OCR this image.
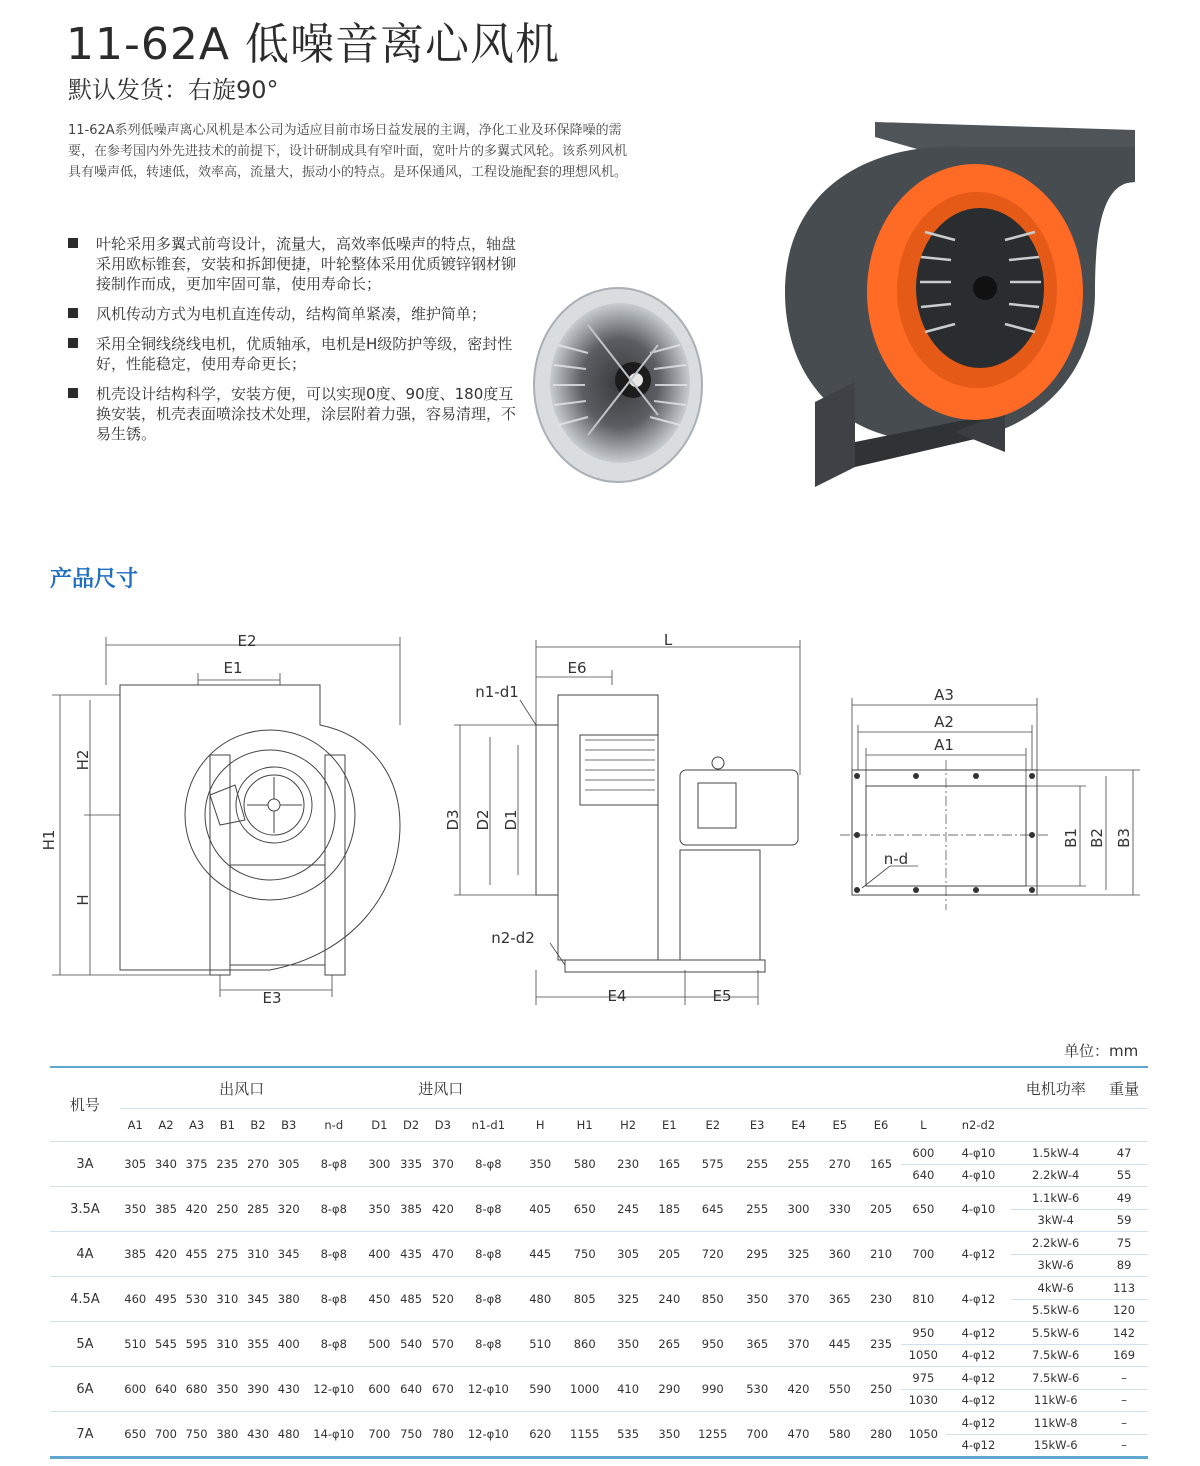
11-62A 低噪音离心风机
默认发货：右旋90°
11-62A系列低噪声离心风机是本公司为适应目前市场日益发展的主调，净化工业及环保降噪的需要，在参考国内外先进技术的前提下，设计研制成具有窄叶面，宽叶片的多翼式风轮。该系列风机具有噪声低，转速低，效率高，流量大，振动小的特点。是环保通风，工程设施配套的理想风机。
叶轮采用多翼式前弯设计，流量大，高效率低噪声的特点，轴盘采用欧标锥套，安装和拆卸便捷，叶轮整体采用优质镀锌钢材铆接制作而成，更加牢固可靠，使用寿命长；
风机传动方式为电机直连传动，结构简单紧凑，维护简单；
采用全铜线绕线电机，优质轴承，电机是H级防护等级，密封性好，性能稳定，使用寿命更长；
机壳设计结构科学，安装方便，可以实现0度、90度、180度互换安装，机壳表面喷涂技术处理，涂层附着力强，容易清理，不易生锈。
产品尺寸
E2
E1
H2
H1
H
E3
L
E6
n1-d1
D3 D2 D1
n2-d2
E4	E5
A3
A2
A1
n-d
B1 B2 B3
单位：mm
机号	出风口							进风口															电机功率	重量
	A1	A2	A3	B1	B2	B3	n-d	D1	D2	D3	n1-d1	H	H1	H2	E1	E2	E3	E4	E5	E6	L	n2-d2		
3A	305	340	375	235	270	305	8-φ8	300	335	370	8-φ8	350	580	230	165	575	255	255	270	165	600	4-φ10	1.5kW-4	47
																					640	4-φ10	2.2kW-4	55
3.5A	350	385	420	250	285	320	8-φ8	350	385	420	8-φ8	405	650	245	185	645	255	300	330	205	650	4-φ10	1.1kW-6	49
																							3kW-4	59
4A	385	420	455	275	310	345	8-φ8	400	435	470	8-φ8	445	750	305	205	720	295	325	360	210	700	4-φ12	2.2kW-6	75
																							3kW-6	89
4.5A	460	495	530	310	345	380	8-φ8	450	485	520	8-φ8	480	805	325	240	850	350	370	365	230	810	4-φ12	4kW-6	113
																							5.5kW-6	120
5A	510	545	595	310	355	400	8-φ8	500	540	570	8-φ8	510	860	350	265	950	365	370	445	235	950	4-φ12	5.5kW-6	142
																					1050	4-φ12	7.5kW-6	169
6A	600	640	680	350	390	430	12-φ10	600	640	670	12-φ10	590	1000	410	290	990	530	420	550	250	975	4-φ12	7.5kW-6	–
																					1030	4-φ12	11kW-6	–
7A	650	700	750	380	430	480	14-φ10	700	750	780	12-φ10	620	1155	535	350	1255	700	470	580	280	1050	4-φ12	11kW-8	–
																						4-φ12	15kW-6	–
